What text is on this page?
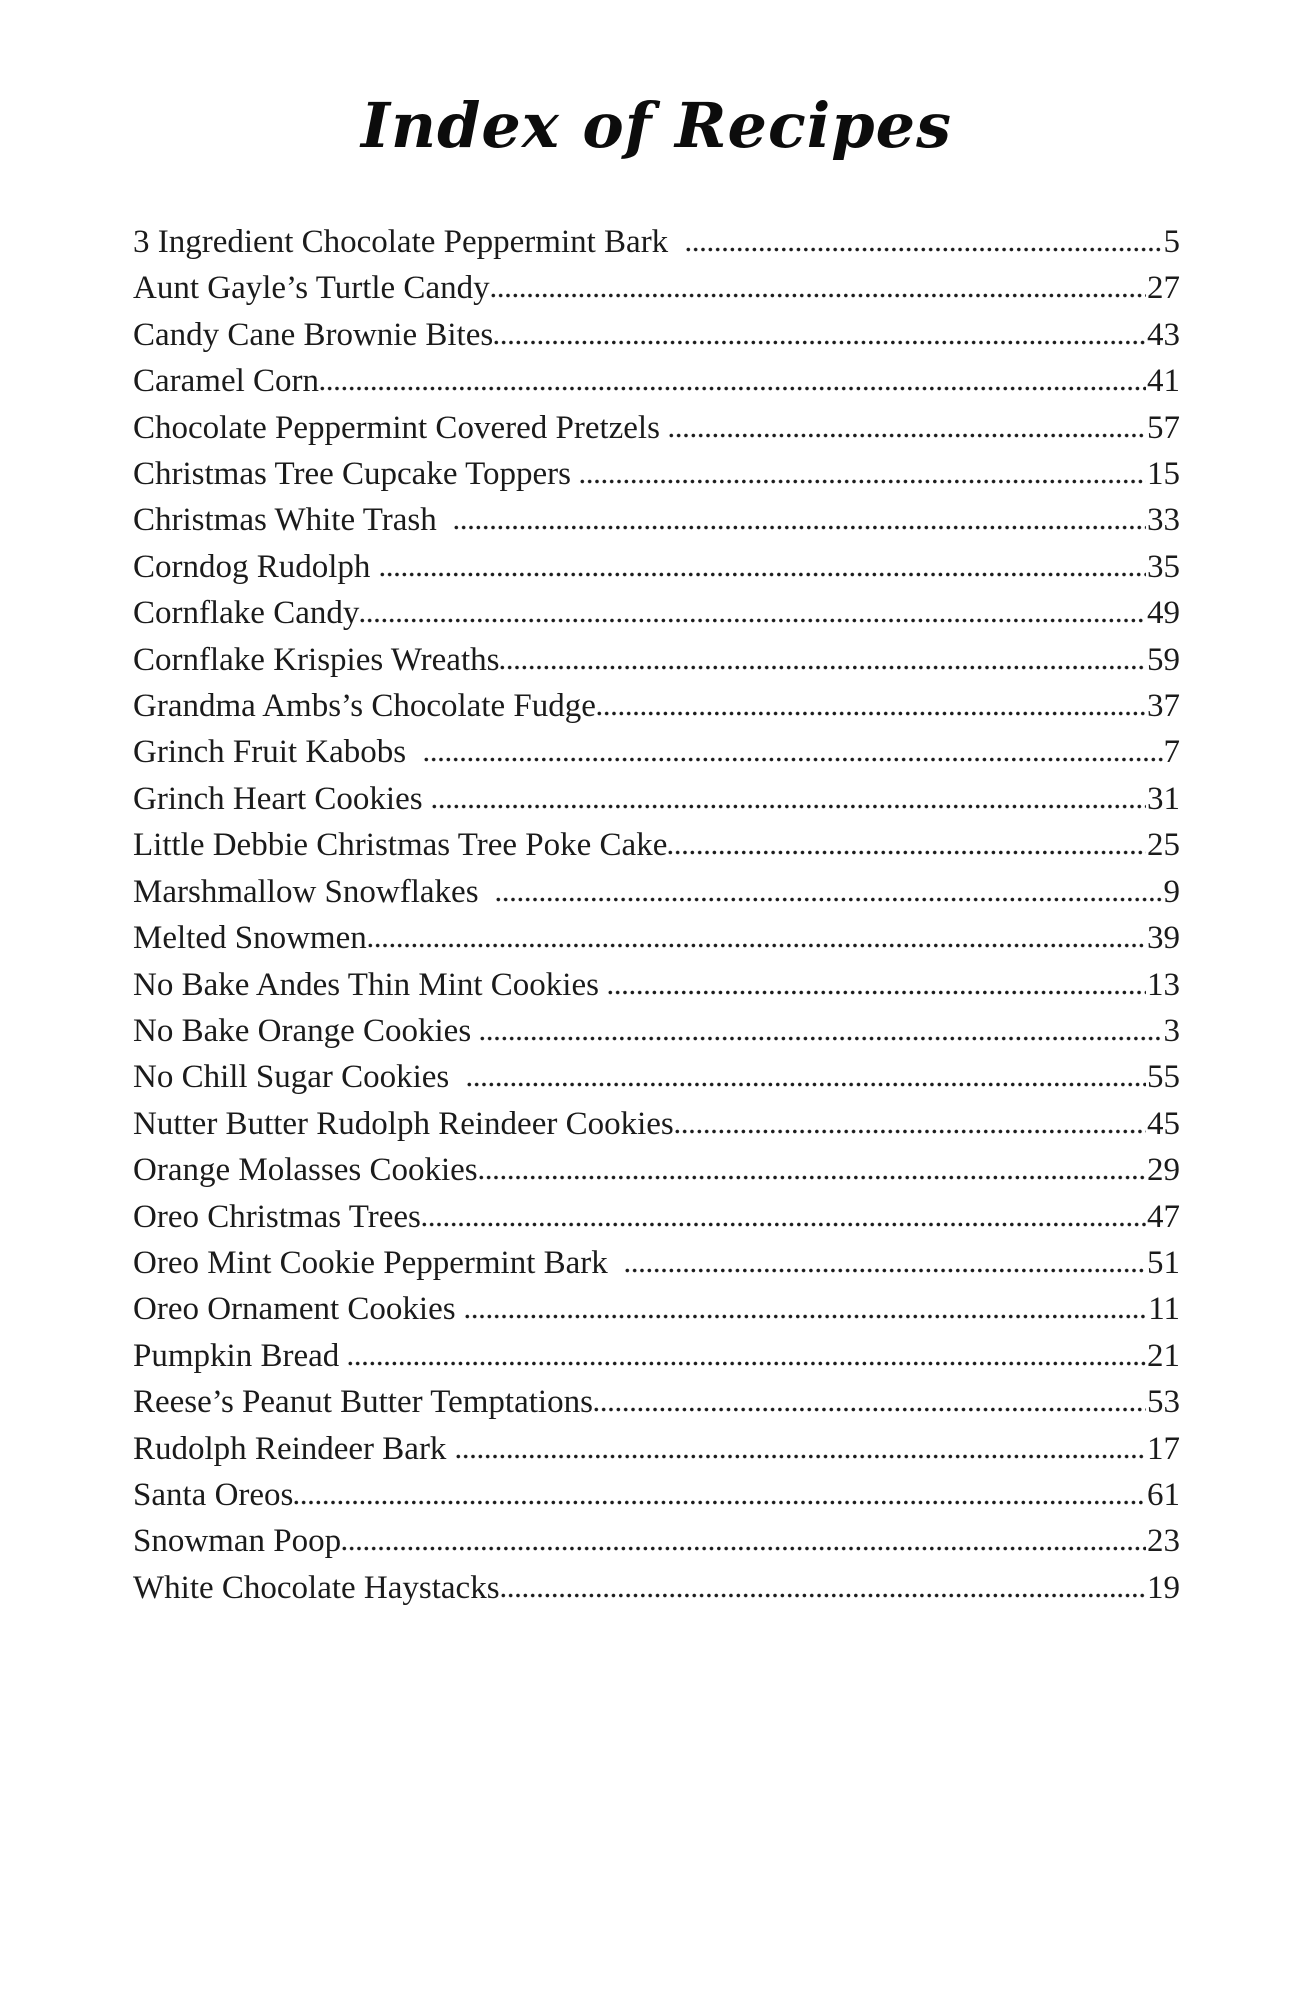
Index of Recipes
3 Ingredient Chocolate Peppermint Bark	5
Aunt Gayle’s Turtle Candy	27
Candy Cane Brownie Bites	43
Caramel Corn	41
Chocolate Peppermint Covered Pretzels	57
Christmas Tree Cupcake Toppers	15
Christmas White Trash	33
Corndog Rudolph	35
Cornflake Candy	49
Cornflake Krispies Wreaths	59
Grandma Ambs’s Chocolate Fudge	37
Grinch Fruit Kabobs	7
Grinch Heart Cookies	31
Little Debbie Christmas Tree Poke Cake	25
Marshmallow Snowflakes	9
Melted Snowmen	39
No Bake Andes Thin Mint Cookies	13
No Bake Orange Cookies	3
No Chill Sugar Cookies	55
Nutter Butter Rudolph Reindeer Cookies	45
Orange Molasses Cookies	29
Oreo Christmas Trees	47
Oreo Mint Cookie Peppermint Bark	51
Oreo Ornament Cookies	11
Pumpkin Bread	21
Reese’s Peanut Butter Temptations	53
Rudolph Reindeer Bark	17
Santa Oreos	61
Snowman Poop	23
White Chocolate Haystacks	19
